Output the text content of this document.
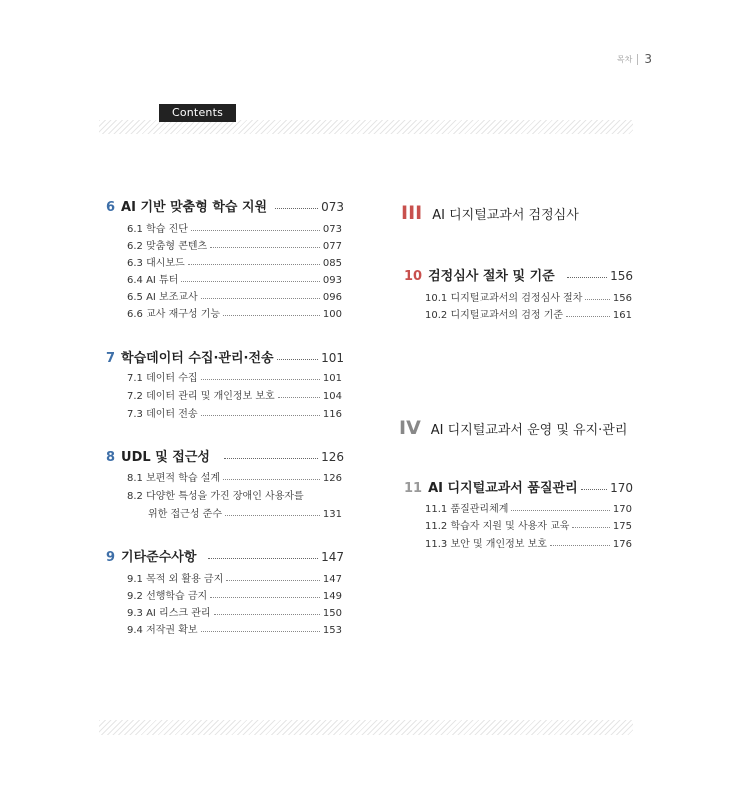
목차 3
Contents
6 AI 기반 맞춤형 학습 지원	073
6.1 학습 진단	073
6.2 맞춤형 콘텐츠	077
6.3 대시보드	085
6.4 AI 튜터	093
6.5 AI 보조교사	096
6.6 교사 재구성 기능	100
7 학습데이터 수집·관리·전송	101
7.1 데이터 수집	101
7.2 데이터 관리 및 개인정보 보호	104
7.3 데이터 전송	116
8 UDL 및 접근성	126
8.1 보편적 학습 설계	126
8.2 다양한 특성을 가진 장애인 사용자를
위한 접근성 준수	131
9 기타준수사항	147
9.1 목적 외 활용 금지	147
9.2 선행학습 금지	149
9.3 AI 리스크 관리	150
9.4 저작권 확보	153
III AI 디지털교과서 검정심사
10 검정심사 절차 및 기준	156
10.1 디지털교과서의 검정심사 절차	156
10.2 디지털교과서의 검정 기준	161
IV AI 디지털교과서 운영 및 유지·관리
11 AI 디지털교과서 품질관리	170
11.1 품질관리체계	170
11.2 학습자 지원 및 사용자 교육	175
11.3 보안 및 개인정보 보호	176
